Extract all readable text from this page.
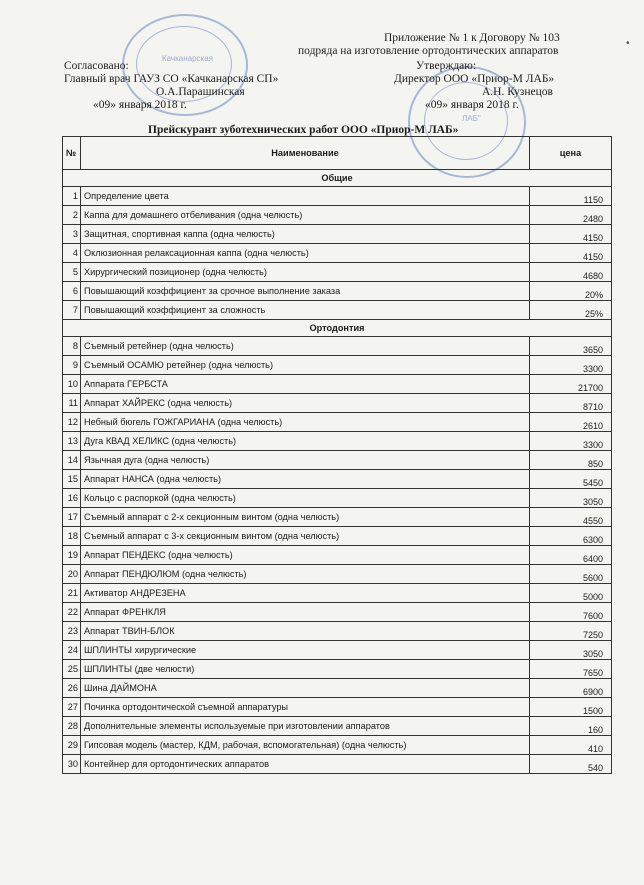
Качканарская
ЛАБ"
Приложение № 1 к Договору № 103
подряда на изготовление ортодонтических аппаратов
Согласовано:
Главный врач ГАУЗ СО «Качканарская СП»
О.А.Парашинская
«09» января 2018 г.
Утверждаю:
Директор ООО «Приор-М ЛАБ»
А.Н. Кузнецов
«09» января 2018 г.
Прейскурант зуботехнических работ ООО «Приор-М ЛАБ»
№	Наименование	цена
Общие		
1	Определение цвета	1150
2	Каппа для домашнего отбеливания (одна челюсть)	2480
3	Защитная, спортивная каппа (одна челюсть)	4150
4	Оклюзионная релаксационная каппа (одна челюсть)	4150
5	Хирургический позиционер (одна челюсть)	4680
6	Повышающий коэффициент за срочное выполнение заказа	20%
7	Повышающий коэффициент за сложность	25%
Ортодонтия		
8	Съемный ретейнер (одна челюсть)	3650
9	Съемный ОСАМЮ ретейнер (одна челюсть)	3300
10	Аппарата ГЕРБСТА	21700
11	Аппарат ХАЙРЕКС (одна челюсть)	8710
12	Небный бюгель ГОЖГАРИАНА (одна челюсть)	2610
13	Дуга КВАД ХЕЛИКС (одна челюсть)	3300
14	Язычная дуга (одна челюсть)	850
15	Аппарат НАНСА (одна челюсть)	5450
16	Кольцо с распоркой (одна челюсть)	3050
17	Съемный аппарат с 2-х секционным винтом (одна челюсть)	4550
18	Съемный аппарат с 3-х секционным винтом (одна челюсть)	6300
19	Аппарат ПЕНДЕКС (одна челюсть)	6400
20	Аппарат ПЕНДЮЛЮМ (одна челюсть)	5600
21	Активатор АНДРЕЗЕНА	5000
22	Аппарат ФРЕНКЛЯ	7600
23	Аппарат ТВИН-БЛОК	7250
24	ШПЛИНТЫ хирургические	3050
25	ШПЛИНТЫ (две челюсти)	7650
26	Шина ДАЙМОНА	6900
27	Починка ортодонтической съемной аппаратуры	1500
28	Дополнительные элементы используемые при изготовлении аппаратов	160
29	Гипсовая модель (мастер, КДМ, рабочая, вспомогательная) (одна челюсть)	410
30	Контейнер для ортодонтических аппаратов	540
•
